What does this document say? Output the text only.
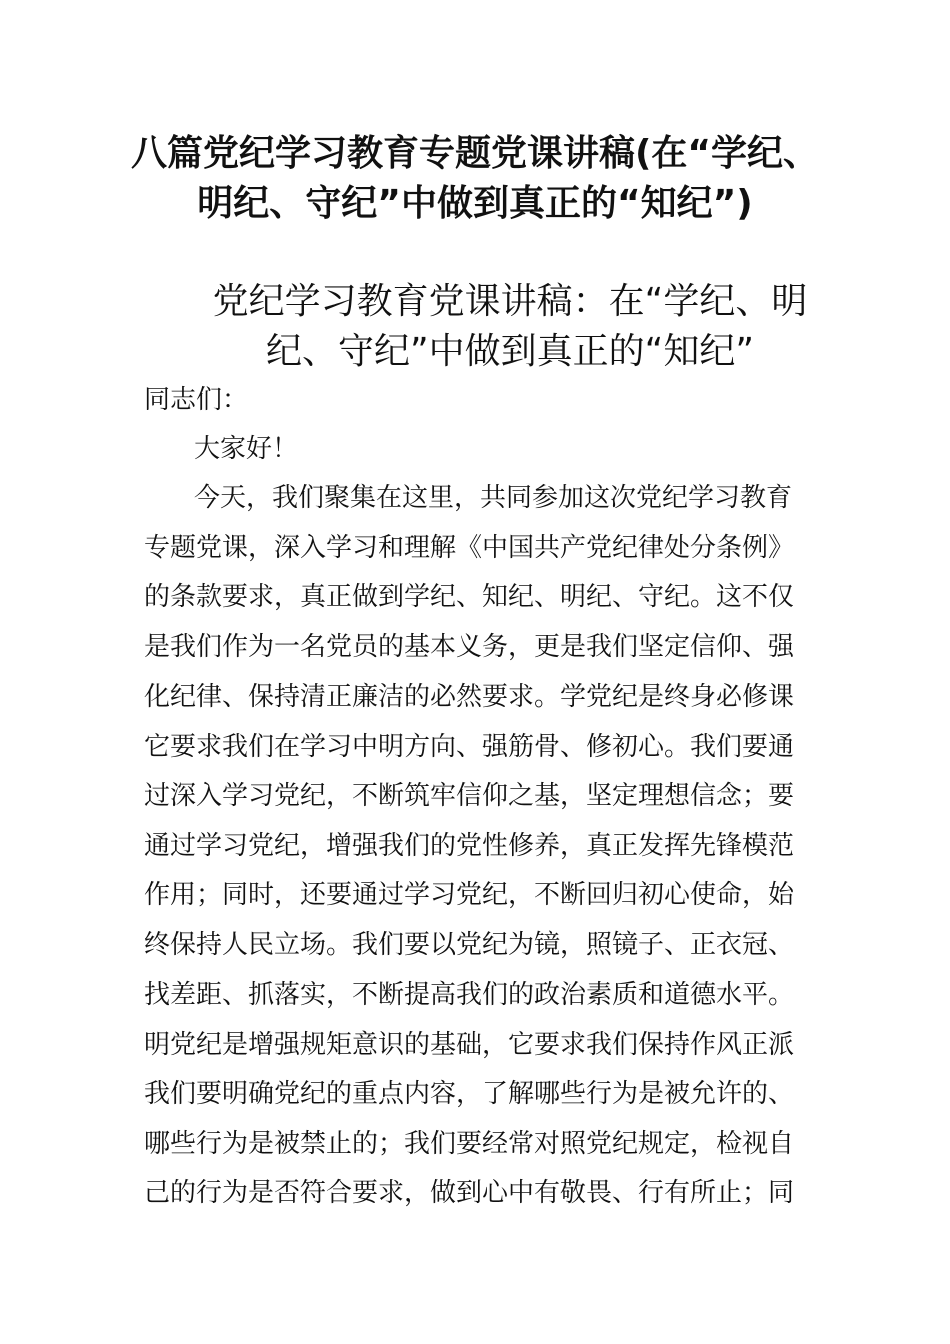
八篇党纪学习教育专题党课讲稿(在“学纪、
明纪、守纪”中做到真正的“知纪”)
党纪学习教育党课讲稿：在“学纪、明
纪、守纪”中做到真正的“知纪”
同志们：
大家好！
今天，我们聚集在这里，共同参加这次党纪学习教育
专题党课，深入学习和理解《中国共产党纪律处分条例》
的条款要求，真正做到学纪、知纪、明纪、守纪。这不仅
是我们作为一名党员的基本义务，更是我们坚定信仰、强
化纪律、保持清正廉洁的必然要求。学党纪是终身必修课
它要求我们在学习中明方向、强筋骨、修初心。我们要通
过深入学习党纪，不断筑牢信仰之基，坚定理想信念；要
通过学习党纪，增强我们的党性修养，真正发挥先锋模范
作用；同时，还要通过学习党纪，不断回归初心使命，始
终保持人民立场。我们要以党纪为镜，照镜子、正衣冠、
找差距、抓落实，不断提高我们的政治素质和道德水平。
明党纪是增强规矩意识的基础，它要求我们保持作风正派
我们要明确党纪的重点内容，了解哪些行为是被允许的、
哪些行为是被禁止的；我们要经常对照党纪规定，检视自
己的行为是否符合要求，做到心中有敬畏、行有所止；同
